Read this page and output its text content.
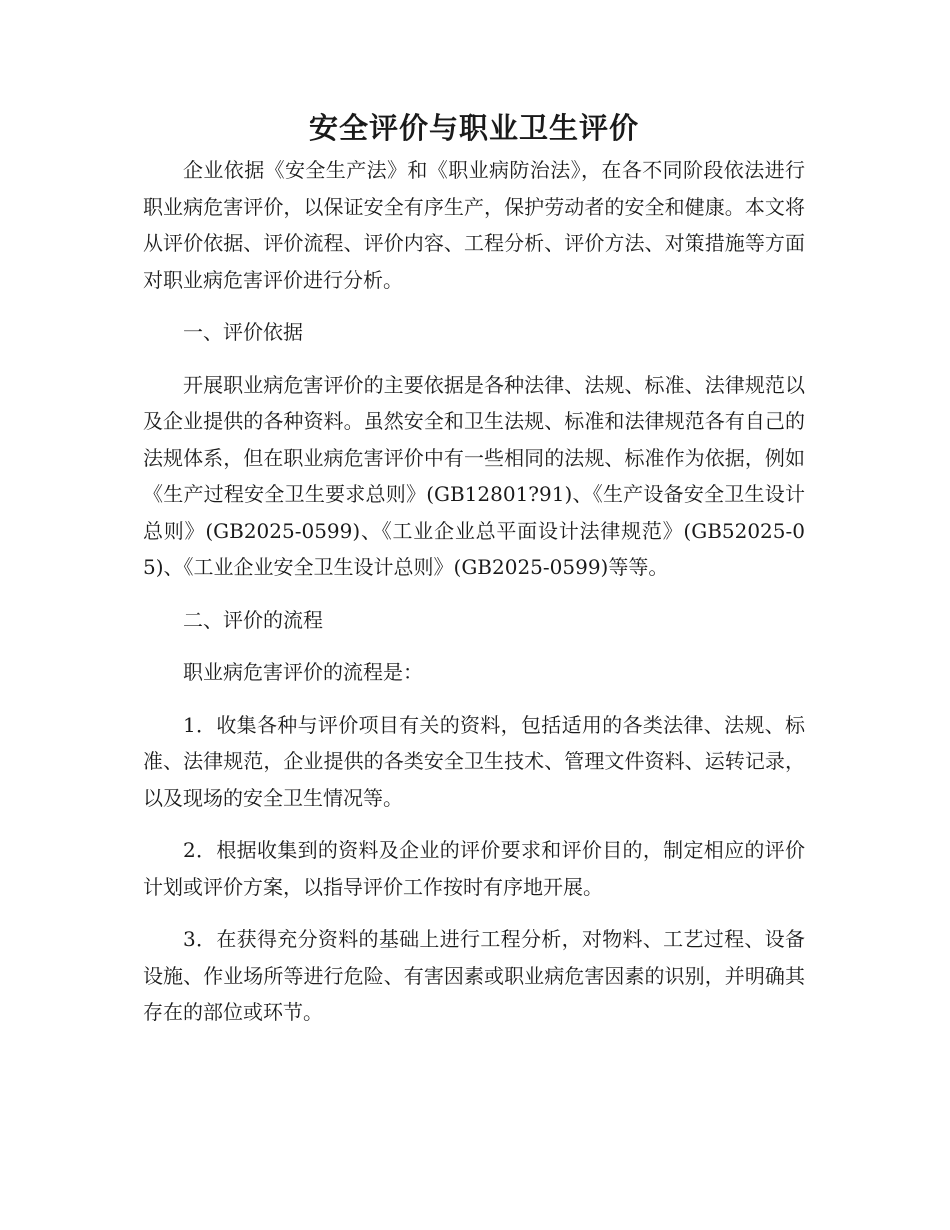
安全评价与职业卫生评价

企业依据《安全生产法》和《职业病防治法》，在各不同阶段依法进行职业病危害评价，以保证安全有序生产，保护劳动者的安全和健康。本文将从评价依据、评价流程、评价内容、工程分析、评价方法、对策措施等方面对职业病危害评价进行分析。

一、评价依据

开展职业病危害评价的主要依据是各种法律、法规、标准、法律规范以及企业提供的各种资料。虽然安全和卫生法规、标准和法律规范各有自己的法规体系，但在职业病危害评价中有一些相同的法规、标准作为依据，例如《生产过程安全卫生要求总则》(GB12801?91)、《生产设备安全卫生设计总则》(GB2025-0599)、《工业企业总平面设计法律规范》(GB52025-05)、《工业企业安全卫生设计总则》(GB2025-0599)等等。

二、评价的流程

职业病危害评价的流程是：

1．收集各种与评价项目有关的资料，包括适用的各类法律、法规、标准、法律规范，企业提供的各类安全卫生技术、管理文件资料、运转记录，以及现场的安全卫生情况等。

2．根据收集到的资料及企业的评价要求和评价目的，制定相应的评价计划或评价方案，以指导评价工作按时有序地开展。

3．在获得充分资料的基础上进行工程分析，对物料、工艺过程、设备设施、作业场所等进行危险、有害因素或职业病危害因素的识别，并明确其存在的部位或环节。
